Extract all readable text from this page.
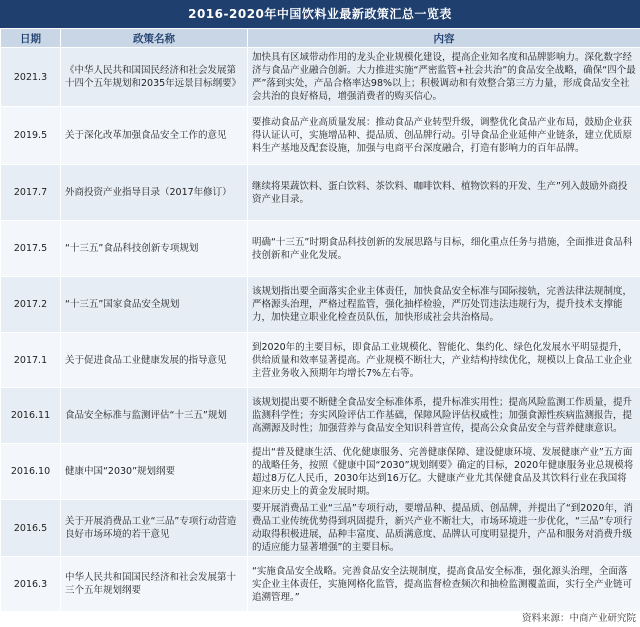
2016-2020年中国饮料业最新政策汇总一览表
日期	政策名称	内容
2021.3	《中华人民共和国国民经济和社会发展第十四个五年规划和2035年远景目标纲要》	加快具有区域带动作用的龙头企业规模化建设，提高企业知名度和品牌影响力。深化数字经济与食品产业融合创新。大力推进实施“严密监管+社会共治”的食品安全战略，确保“四个最严”落到实处，产品合格率达98%以上；积极调动和有效整合第三方力量，形成食品安全社会共治的良好格局，增强消费者的购买信心。
2019.5	关于深化改革加强食品安全工作的意见	要推动食品产业高质量发展：推动食品产业转型升级，调整优化食品产业布局，鼓励企业获得认证认可，实施增品种、提品质、创品牌行动。引导食品企业延伸产业链条，建立优质原料生产基地及配套设施，加强与电商平台深度融合，打造有影响力的百年品牌。
2017.7	外商投资产业指导目录（2017年修订）	继续将果蔬饮料、蛋白饮料、茶饮料、咖啡饮料、植物饮料的开发、生产”列入鼓励外商投资产业目录。
2017.5	“十三五”食品科技创新专项规划	明确“十三五”时期食品科技创新的发展思路与目标，细化重点任务与措施，全面推进食品科技创新和产业化发展。
2017.2	“十三五”国家食品安全规划	该规划指出要全面落实企业主体责任，加快食品安全标准与国际接轨，完善法律法规制度，严格源头治理，严格过程监管，强化抽样检验，严厉处罚违法违规行为，提升技术支撑能力，加快建立职业化检查员队伍，加快形成社会共治格局。
2017.1	关于促进食品工业健康发展的指导意见	到2020年的主要目标，即食品工业规模化、智能化、集约化、绿色化发展水平明显提升，供给质量和效率显著提高。产业规模不断壮大，产业结构持续优化，规模以上食品工业企业主营业务收入预期年均增长7%左右等。
2016.11	食品安全标准与监测评估“十三五”规划	该规划提出要不断健全食品安全标准体系，提升标准实用性；提高风险监测工作质量，提升监测科学性；夯实风险评估工作基础，保障风险评估权威性；加强食源性疾病监测报告，提高溯源及时性；加强营养与食品安全知识科普宣传，提高公众食品安全与营养健康意识。
2016.10	健康中国“2030”规划纲要	提出“普及健康生活、优化健康服务、完善健康保障、建设健康环境、发展健康产业”五方面的战略任务，按照《健康中国“2030”规划纲要》确定的目标，2020年健康服务业总规模将超过8万亿人民币，2030年达到16万亿。大健康产业尤其保健食品及其饮料行业在我国将迎来历史上的黄金发展时期。
2016.5	关于开展消费品工业“三品”专项行动营造良好市场环境的若干意见	要开展消费品工业“三品”专项行动，要增品种、提品质、创品牌，并提出了“到2020年，消费品工业传统优势得到巩固提升，新兴产业不断壮大，市场环境进一步优化，“三品”专项行动取得积极进展，品种丰富度、品质满意度、品牌认可度明显提升，产品和服务对消费升级的适应能力显著增强”的主要目标。
2016.3	中华人民共和国国民经济和社会发展第十三个五年规划纲要	“实施食品安全战略。完善食品安全法规制度，提高食品安全标准，强化源头治理，全面落实企业主体责任，实施网格化监管，提高监督检查频次和抽检监测覆盖面，实行全产业链可追溯管理。”
资料来源：中商产业研究院
